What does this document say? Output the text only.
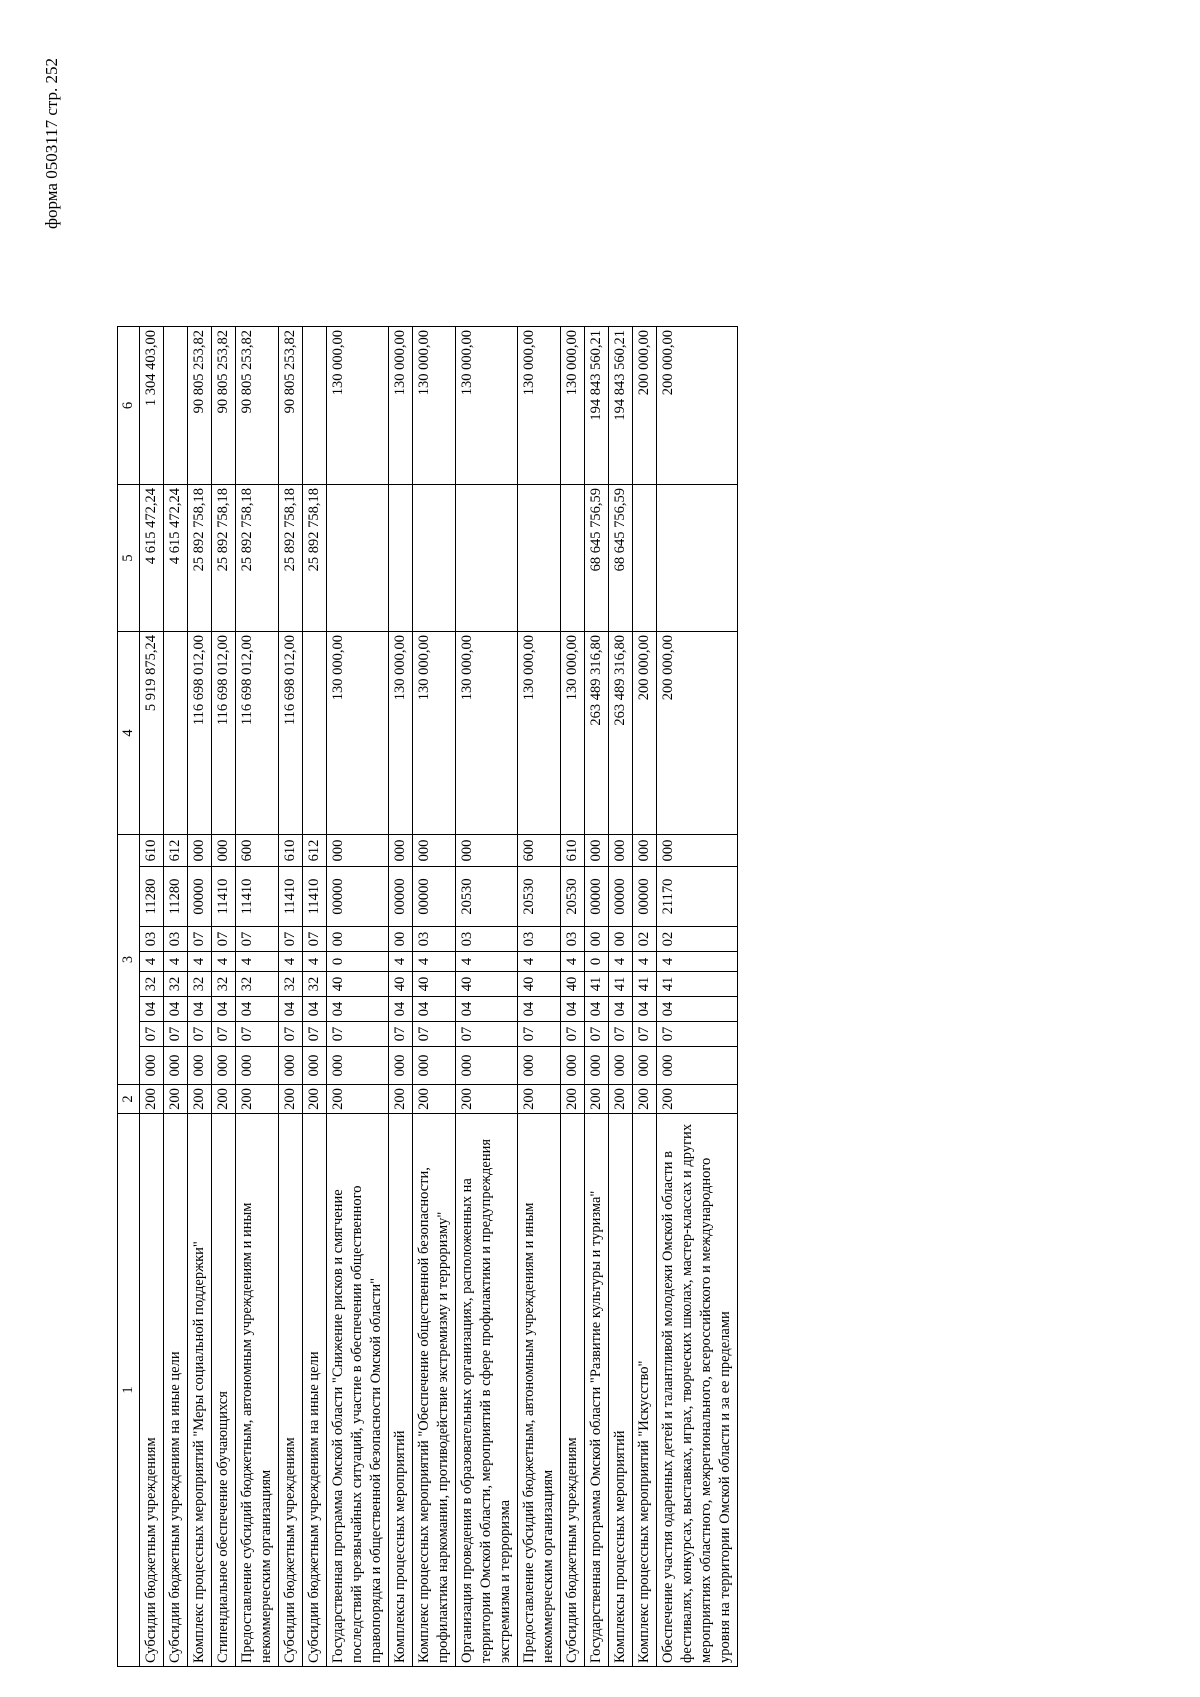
форма 0503117 стр. 252
1	2	3								4	5	6
Субсидии бюджетным учреждениям	200	000	07	04	32	4	03	11280	610	5 919 875,24	4 615 472,24	1 304 403,00
Субсидии бюджетным учреждениям на иные цели	200	000	07	04	32	4	03	11280	612		4 615 472,24	
Комплекс процессных мероприятий "Меры социальной поддержки"	200	000	07	04	32	4	07	00000	000	116 698 012,00	25 892 758,18	90 805 253,82
Стипендиальное обеспечение обучающихся	200	000	07	04	32	4	07	11410	000	116 698 012,00	25 892 758,18	90 805 253,82
Предоставление субсидий бюджетным, автономным учреждениям и иным некоммерческим организациям	200	000	07	04	32	4	07	11410	600	116 698 012,00	25 892 758,18	90 805 253,82
Субсидии бюджетным учреждениям	200	000	07	04	32	4	07	11410	610	116 698 012,00	25 892 758,18	90 805 253,82
Субсидии бюджетным учреждениям на иные цели	200	000	07	04	32	4	07	11410	612		25 892 758,18	
Государственная программа Омской области "Снижение рисков и смягчение последствий чрезвычайных ситуаций, участие в обеспечении общественного правопорядка и общественной безопасности Омской области"	200	000	07	04	40	0	00	00000	000	130 000,00		130 000,00
Комплексы процессных мероприятий	200	000	07	04	40	4	00	00000	000	130 000,00		130 000,00
Комплекс процессных мероприятий "Обеспечение общественной безопасности, профилактика наркомании, противодействие экстремизму и терроризму"	200	000	07	04	40	4	03	00000	000	130 000,00		130 000,00
Организация проведения в образовательных организациях, расположенных на территории Омской области, мероприятий в сфере профилактики и предупреждения экстремизма и терроризма	200	000	07	04	40	4	03	20530	000	130 000,00		130 000,00
Предоставление субсидий бюджетным, автономным учреждениям и иным некоммерческим организациям	200	000	07	04	40	4	03	20530	600	130 000,00		130 000,00
Субсидии бюджетным учреждениям	200	000	07	04	40	4	03	20530	610	130 000,00		130 000,00
Государственная программа Омской области "Развитие культуры и туризма"	200	000	07	04	41	0	00	00000	000	263 489 316,80	68 645 756,59	194 843 560,21
Комплексы процессных мероприятий	200	000	07	04	41	4	00	00000	000	263 489 316,80	68 645 756,59	194 843 560,21
Комплекс процессных мероприятий "Искусство"	200	000	07	04	41	4	02	00000	000	200 000,00		200 000,00
Обеспечение участия одаренных детей и талантливой молодежи Омской области в фестивалях, конкурсах, выставках, играх, творческих школах, мастер-классах и других мероприятиях областного, межрегионального, всероссийского и международного уровня на территории Омской области и за ее пределами	200	000	07	04	41	4	02	21170	000	200 000,00		200 000,00
